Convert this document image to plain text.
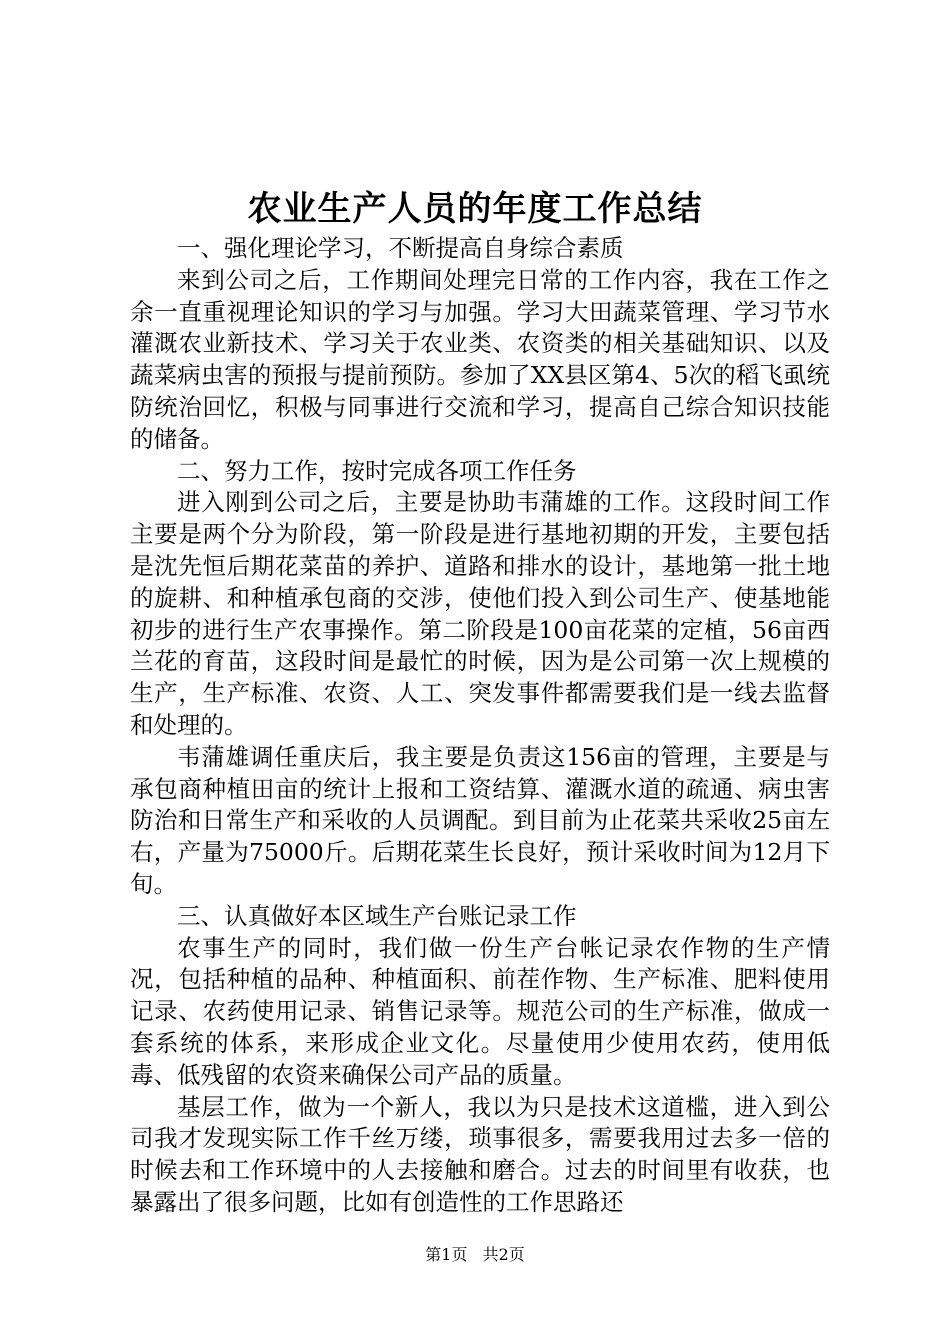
农业生产人员的年度工作总结

一、强化理论学习，不断提高自身综合素质

来到公司之后，工作期间处理完日常的工作内容，我在工作之余一直重视理论知识的学习与加强。学习大田蔬菜管理、学习节水灌溉农业新技术、学习关于农业类、农资类的相关基础知识、以及蔬菜病虫害的预报与提前预防。参加了XX县区第4、5次的稻飞虱统防统治回忆，积极与同事进行交流和学习，提高自己综合知识技能的储备。

二、努力工作，按时完成各项工作任务

进入刚到公司之后，主要是协助韦蒲雄的工作。这段时间工作主要是两个分为阶段，第一阶段是进行基地初期的开发，主要包括是沈先恒后期花菜苗的养护、道路和排水的设计，基地第一批土地的旋耕、和种植承包商的交涉，使他们投入到公司生产、使基地能初步的进行生产农事操作。第二阶段是100亩花菜的定植，56亩西兰花的育苗，这段时间是最忙的时候，因为是公司第一次上规模的生产，生产标准、农资、人工、突发事件都需要我们是一线去监督和处理的。

韦蒲雄调任重庆后，我主要是负责这156亩的管理，主要是与承包商种植田亩的统计上报和工资结算、灌溉水道的疏通、病虫害防治和日常生产和采收的人员调配。到目前为止花菜共采收25亩左右，产量为75000斤。后期花菜生长良好，预计采收时间为12月下旬。

三、认真做好本区域生产台账记录工作

农事生产的同时，我们做一份生产台帐记录农作物的生产情况，包括种植的品种、种植面积、前茬作物、生产标准、肥料使用记录、农药使用记录、销售记录等。规范公司的生产标准，做成一套系统的体系，来形成企业文化。尽量使用少使用农药，使用低毒、低残留的农资来确保公司产品的质量。

基层工作，做为一个新人，我以为只是技术这道槛，进入到公司我才发现实际工作千丝万缕，琐事很多，需要我用过去多一倍的时候去和工作环境中的人去接触和磨合。过去的时间里有收获，也暴露出了很多问题，比如有创造性的工作思路还

第1页 共2页
